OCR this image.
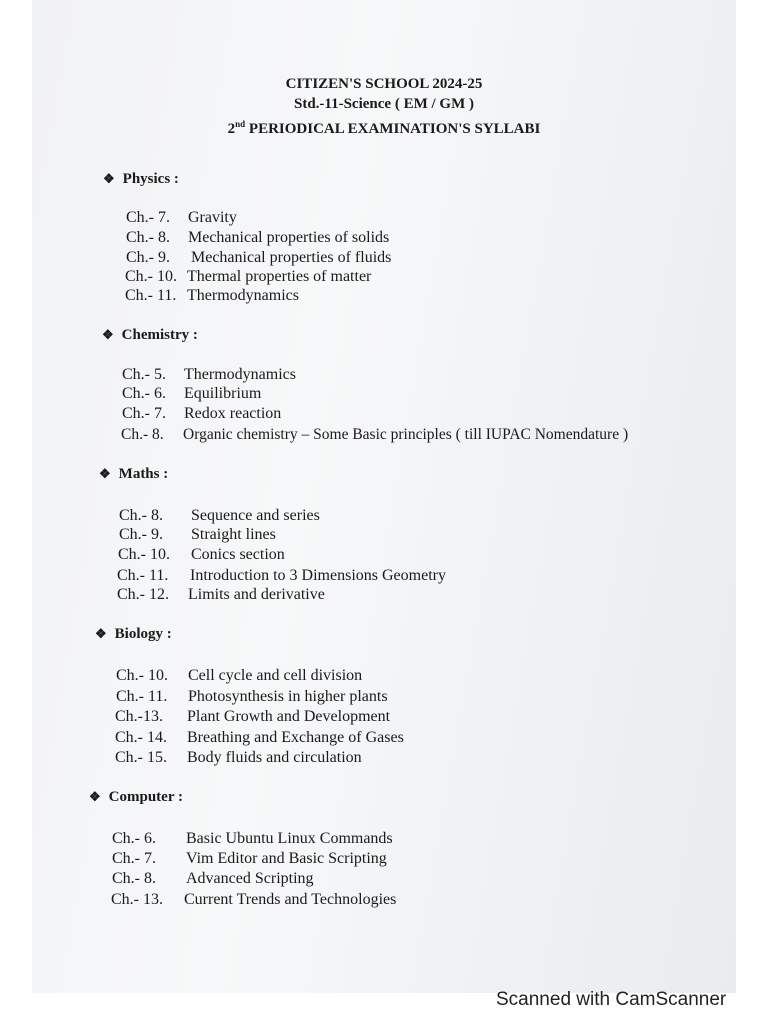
CITIZEN'S SCHOOL 2024-25
Std.-11-Science ( EM / GM )
2nd PERIODICAL EXAMINATION'S SYLLABI
❖ Physics :
Ch.- 7. Gravity
Ch.- 8. Mechanical properties of solids
Ch.- 9. Mechanical properties of fluids
Ch.- 10. Thermal properties of matter
Ch.- 11. Thermodynamics
❖ Chemistry :
Ch.- 5. Thermodynamics
Ch.- 6. Equilibrium
Ch.- 7. Redox reaction
Ch.- 8. Organic chemistry – Some Basic principles ( till IUPAC Nomendature )
❖ Maths :
Ch.- 8. Sequence and series
Ch.- 9. Straight lines
Ch.- 10. Conics section
Ch.- 11. Introduction to 3 Dimensions Geometry
Ch.- 12. Limits and derivative
❖ Biology :
Ch.- 10. Cell cycle and cell division
Ch.- 11. Photosynthesis in higher plants
Ch.-13. Plant Growth and Development
Ch.- 14. Breathing and Exchange of Gases
Ch.- 15. Body fluids and circulation
❖ Computer :
Ch.- 6. Basic Ubuntu Linux Commands
Ch.- 7. Vim Editor and Basic Scripting
Ch.- 8. Advanced Scripting
Ch.- 13. Current Trends and Technologies
Scanned with CamScanner
